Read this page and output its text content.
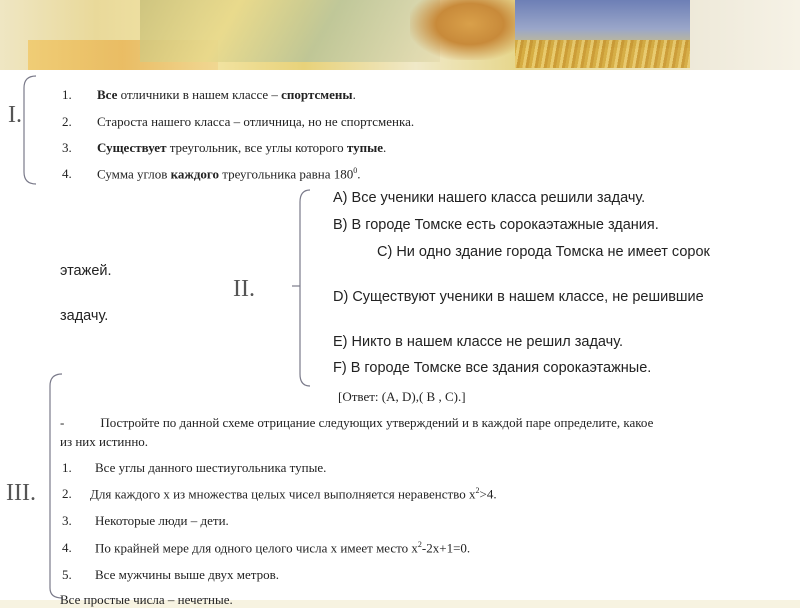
I.
1. Все отличники в нашем классе – спортсмены.
2. Староста нашего класса – отличница, но не спортсменка.
3. Существует треугольник, все углы которого тупые.
4. Сумма углов каждого треугольника равна $180^0$.
II.
A) Все ученики нашего класса решили задачу.
B) В городе Томске есть сорокаэтажные здания.
C) Ни одно здание города Томска не имеет сорок
этажей.
D) Существуют ученики в нашем классе, не решившие
задачу.
E) Никто в нашем классе не решил задачу.
F) В городе Томске все здания сорокаэтажные.
[Ответ: (A, D),( B , C).]
III.
-	Постройте по данной схеме отрицание следующих утверждений и в каждой паре определите, какое
из них истинно.
1. Все углы данного шестиугольника тупые.
2. Для каждого x из множества целых чисел выполняется неравенство $x^2>4$.
3. Некоторые люди – дети.
4. По крайней мере для одного целого числа x имеет место $x^2-2x+1=0$.
5. Все мужчины выше двух метров.
Все простые числа – нечетные.
